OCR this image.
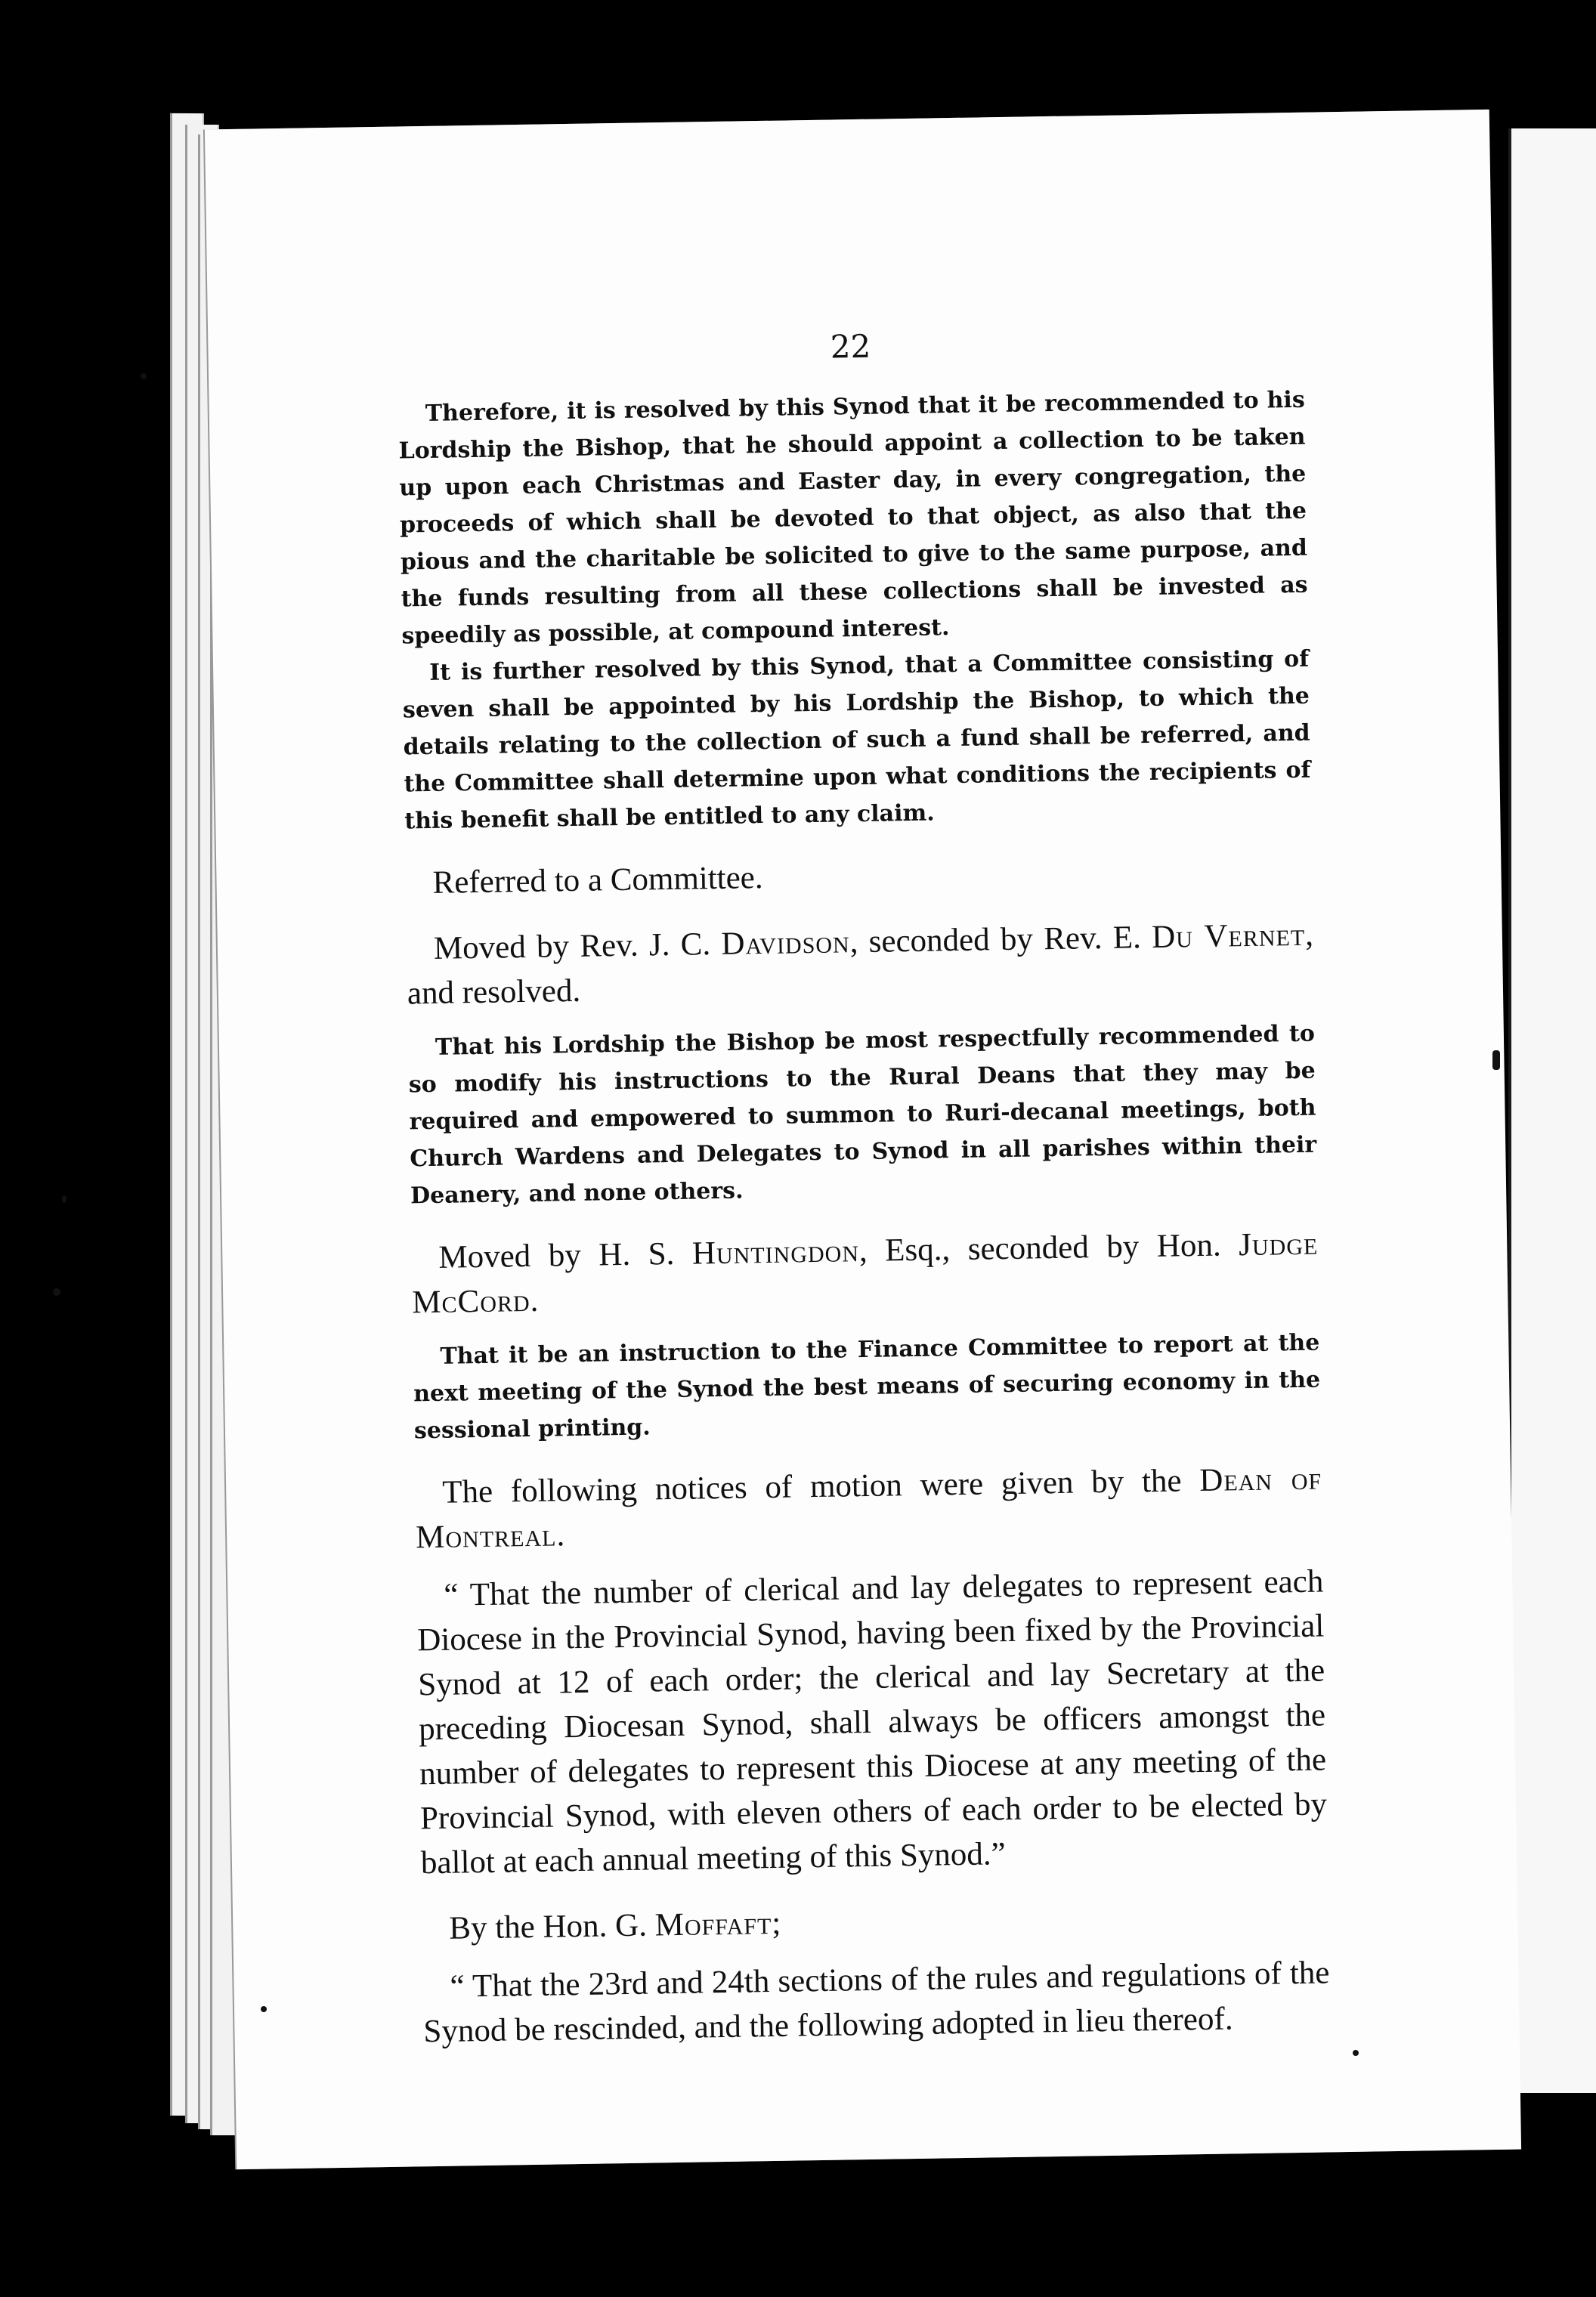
22

Therefore, it is resolved by this Synod that it be recommended to his Lordship the Bishop, that he should appoint a collection to be taken up upon each Christmas and Easter day, in every congregation, the proceeds of which shall be devoted to that object, as also that the pious and the charitable be solicited to give to the same purpose, and the funds resulting from all these collections shall be invested as speedily as possible, at compound interest.

It is further resolved by this Synod, that a Committee consisting of seven shall be appointed by his Lordship the Bishop, to which the details relating to the collection of such a fund shall be referred, and the Committee shall determine upon what conditions the recipients of this benefit shall be entitled to any claim.

Referred to a Committee.

Moved by Rev. J. C. Davidson, seconded by Rev. E. Du Vernet, and resolved.

That his Lordship the Bishop be most respectfully recommended to so modify his instructions to the Rural Deans that they may be required and empowered to summon to Ruri-decanal meetings, both Church Wardens and Delegates to Synod in all parishes within their Deanery, and none others.

Moved by H. S. Huntingdon, Esq., seconded by Hon. Judge McCord.

That it be an instruction to the Finance Committee to report at the next meeting of the Synod the best means of securing economy in the sessional printing.

The following notices of motion were given by the Dean of Montreal.

“ That the number of clerical and lay delegates to represent each Diocese in the Provincial Synod, having been fixed by the Provincial Synod at 12 of each order; the clerical and lay Secretary at the preceding Diocesan Synod, shall always be officers amongst the number of delegates to represent this Diocese at any meeting of the Provincial Synod, with eleven others of each order to be elected by ballot at each annual meeting of this Synod.”

By the Hon. G. Moffaft;

“ That the 23rd and 24th sections of the rules and regulations of the Synod be rescinded, and the following adopted in lieu thereof.
